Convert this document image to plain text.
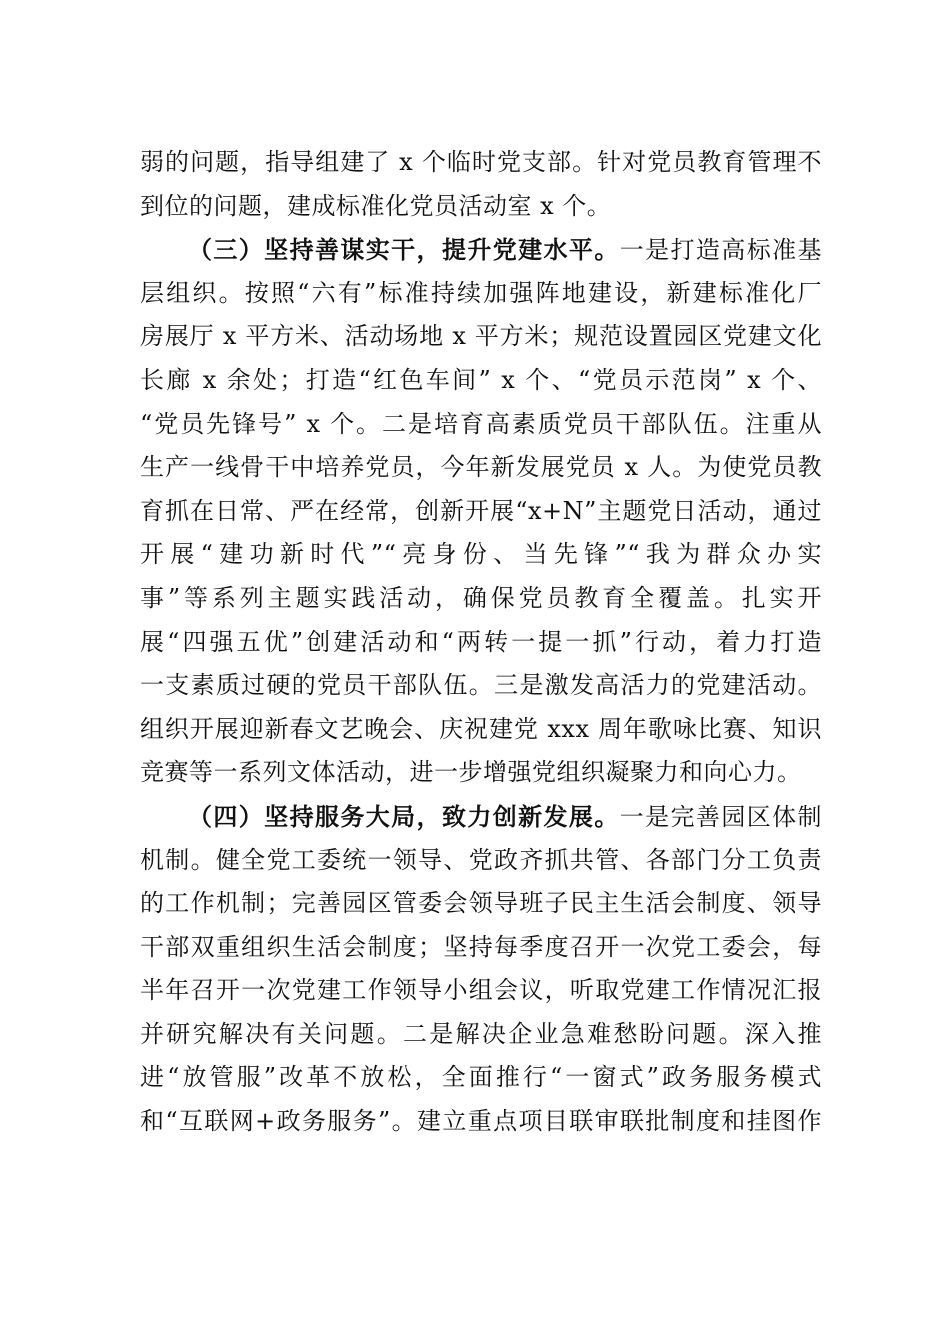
弱的问题，指导组建了 x 个临时党支部。针对党员教育管理不
到位的问题，建成标准化党员活动室 x 个。
（三）坚持善谋实干，提升党建水平。一是打造高标准基
层组织。按照“六有”标准持续加强阵地建设，新建标准化厂
房展厅 x 平方米、活动场地 x 平方米；规范设置园区党建文化
长廊 x 余处；打造“红色车间” x 个、“党员示范岗” x 个、
“党员先锋号” x 个。二是培育高素质党员干部队伍。注重从
生产一线骨干中培养党员，今年新发展党员 x 人。为使党员教
育抓在日常、严在经常，创新开展“x+N”主题党日活动，通过
开展“建功新时代”“亮身份、当先锋”“我为群众办实
事”等系列主题实践活动，确保党员教育全覆盖。扎实开
展“四强五优”创建活动和“两转一提一抓”行动，着力打造
一支素质过硬的党员干部队伍。三是激发高活力的党建活动。
组织开展迎新春文艺晚会、庆祝建党 xxx 周年歌咏比赛、知识
竞赛等一系列文体活动，进一步增强党组织凝聚力和向心力。
（四）坚持服务大局，致力创新发展。一是完善园区体制
机制。健全党工委统一领导、党政齐抓共管、各部门分工负责
的工作机制；完善园区管委会领导班子民主生活会制度、领导
干部双重组织生活会制度；坚持每季度召开一次党工委会，每
半年召开一次党建工作领导小组会议，听取党建工作情况汇报
并研究解决有关问题。二是解决企业急难愁盼问题。深入推
进“放管服”改革不放松，全面推行“一窗式”政务服务模式
和“互联网+政务服务”。建立重点项目联审联批制度和挂图作
